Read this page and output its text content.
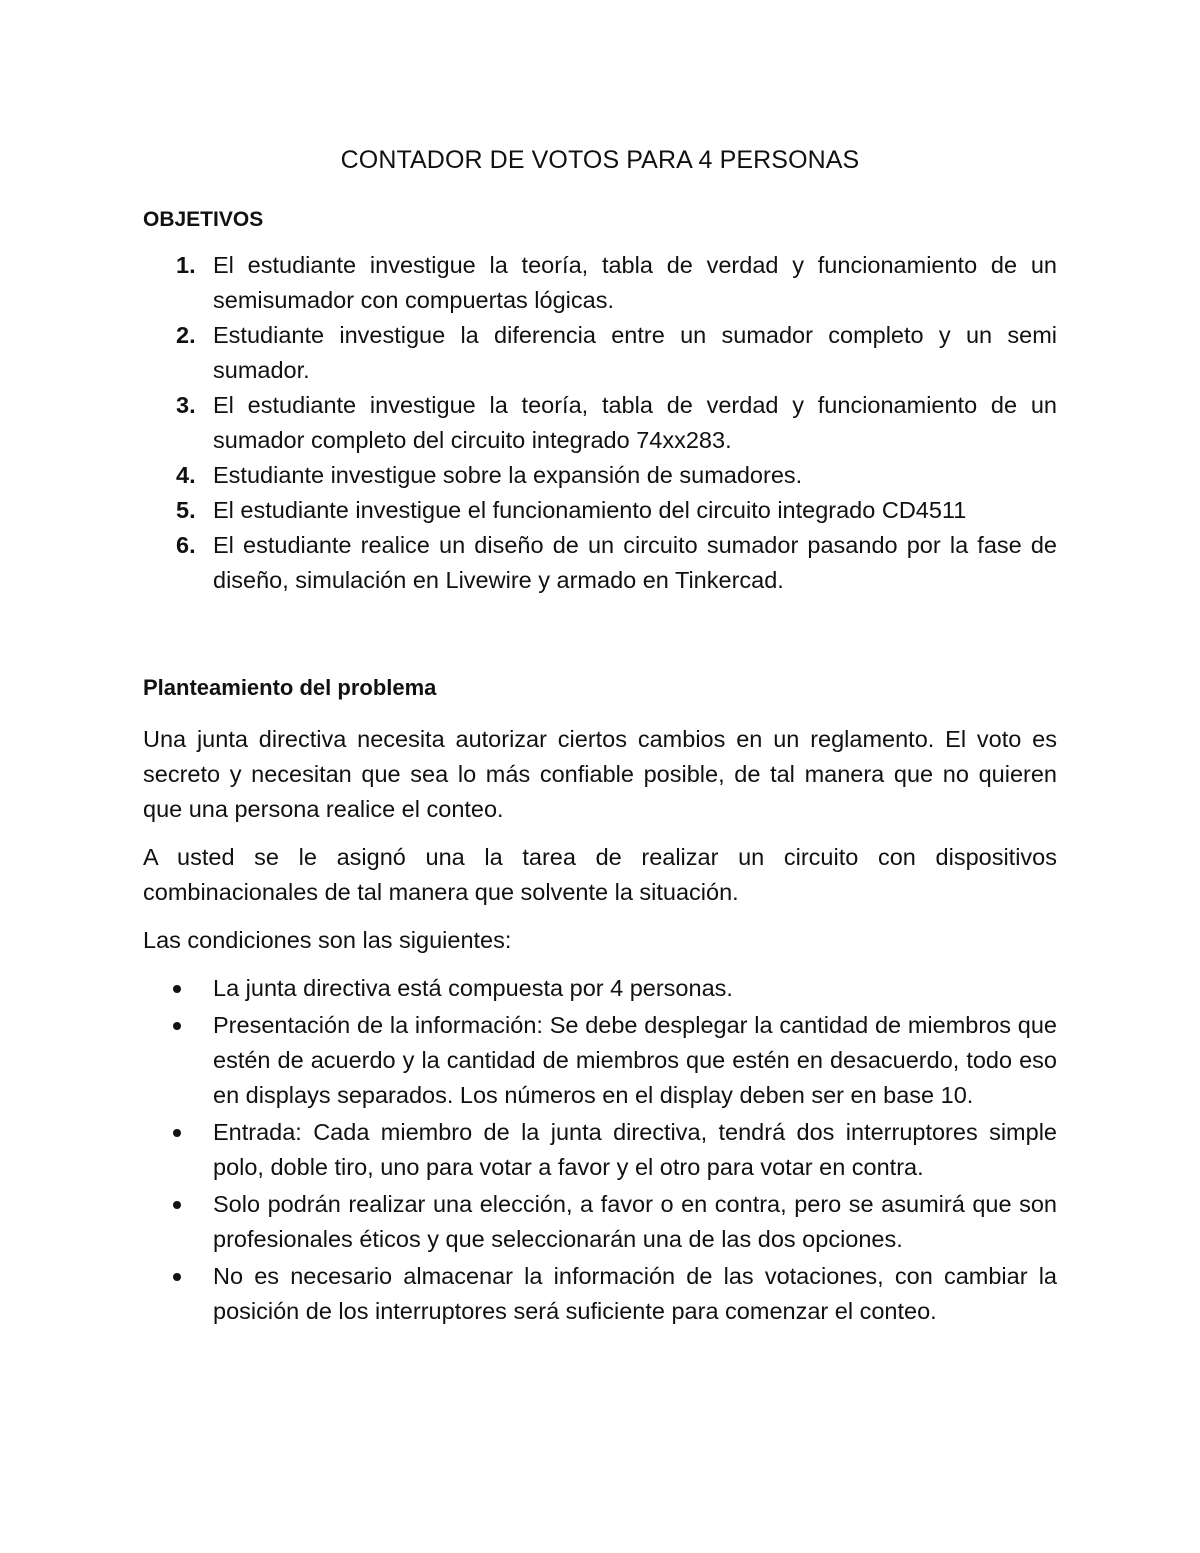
CONTADOR DE VOTOS PARA 4 PERSONAS
OBJETIVOS
1. El estudiante investigue la teoría, tabla de verdad y funcionamiento de un semisumador con compuertas lógicas.
2. Estudiante investigue la diferencia entre un sumador completo y un semi sumador.
3. El estudiante investigue la teoría, tabla de verdad y funcionamiento de un sumador completo del circuito integrado 74xx283.
4. Estudiante investigue sobre la expansión de sumadores.
5. El estudiante investigue el funcionamiento del circuito integrado CD4511
6. El estudiante realice un diseño de un circuito sumador pasando por la fase de diseño, simulación en Livewire y armado en Tinkercad.
Planteamiento del problema

Una junta directiva necesita autorizar ciertos cambios en un reglamento. El voto es secreto y necesitan que sea lo más confiable posible, de tal manera que no quieren que una persona realice el conteo.

A usted se le asignó una la tarea de realizar un circuito con dispositivos combinacionales de tal manera que solvente la situación.

Las condiciones son las siguientes:

La junta directiva está compuesta por 4 personas.
Presentación de la información: Se debe desplegar la cantidad de miembros que estén de acuerdo y la cantidad de miembros que estén en desacuerdo, todo eso en displays separados. Los números en el display deben ser en base 10.
Entrada: Cada miembro de la junta directiva, tendrá dos interruptores simple polo, doble tiro, uno para votar a favor y el otro para votar en contra.
Solo podrán realizar una elección, a favor o en contra, pero se asumirá que son profesionales éticos y que seleccionarán una de las dos opciones.
No es necesario almacenar la información de las votaciones, con cambiar la posición de los interruptores será suficiente para comenzar el conteo.
